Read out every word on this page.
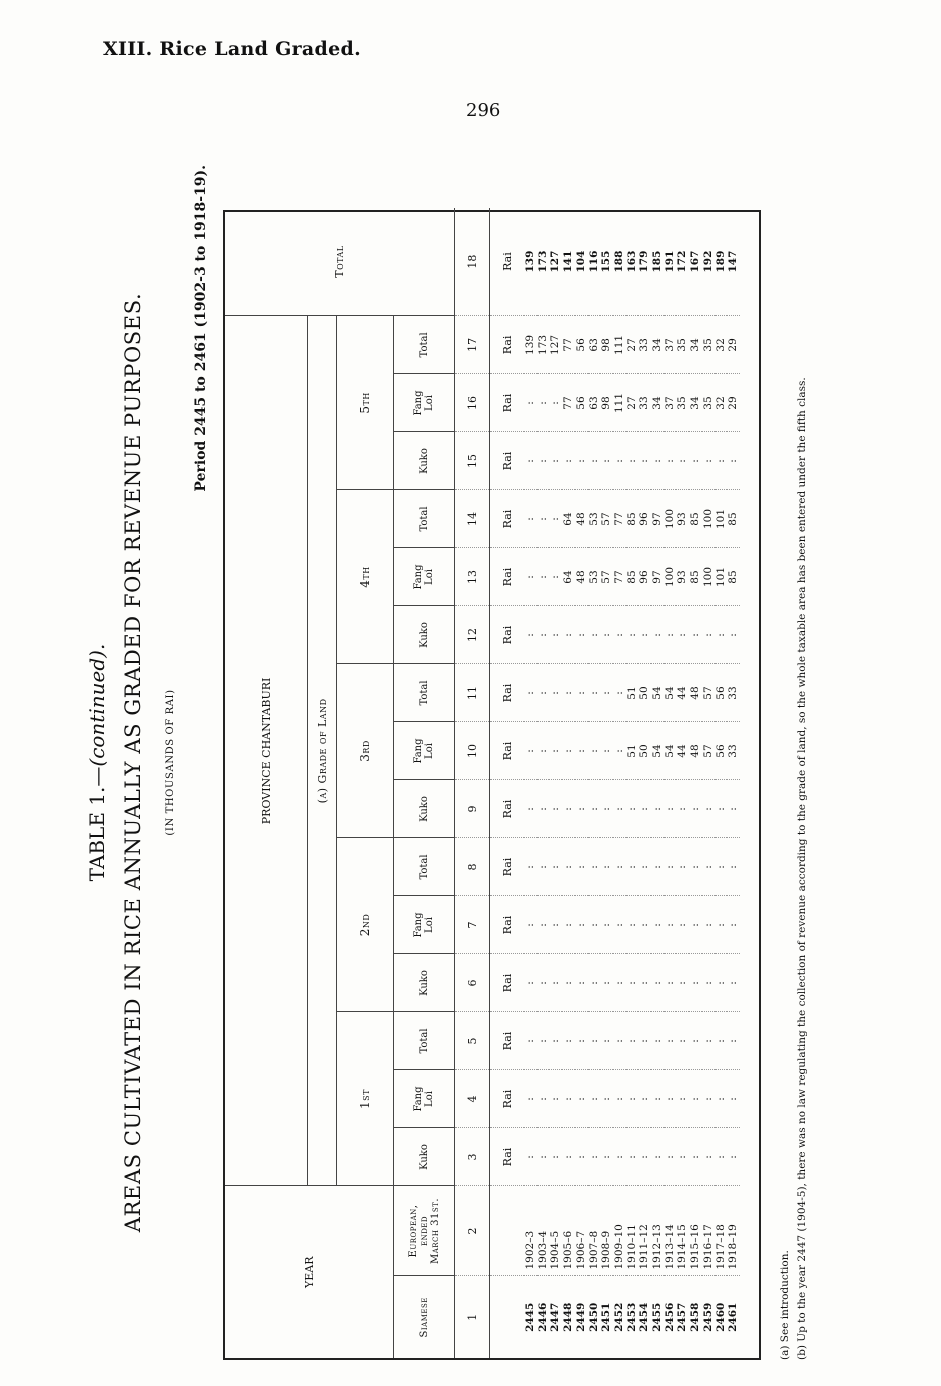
XIII. Rice Land Graded.
296
TABLE 1.—(continued). AREAS CULTIVATED IN RICE ANNUALLY AS GRADED FOR REVENUE PURPOSES. (IN THOUSANDS OF RAI)
Period 2445 to 2461 (1902-3 to 1918-19).
YEAR		PROVINCE CHANTABURI															Total
		(a) Grade of Land															
		1st			2nd			3rd			4th			5th			
Siamese	European,
ended
March 31st.	Kuko	Fang
Loi	Total	Kuko	Fang
Loi	Total	Kuko	Fang
Loi	Total	Kuko	Fang
Loi	Total	Kuko	Fang
Loi	Total	
1	2	3	4	5	6	7	8	9	10	11	12	13	14	15	16	17	18
		Rai	Rai	Rai	Rai	Rai	Rai	Rai	Rai	Rai	Rai	Rai	Rai	Rai	Rai	Rai	Rai
2445	1902–3	:	:	:	:	:	:	:	:	:	:	:	:	:	:	139	139
2446	1903–4	:	:	:	:	:	:	:	:	:	:	:	:	:	:	173	173
2447	1904–5	:	:	:	:	:	:	:	:	:	:	:	:	:	:	127	127
2448	1905–6	:	:	:	:	:	:	:	:	:	:	64	64	:	77	77	141
2449	1906–7	:	:	:	:	:	:	:	:	:	:	48	48	:	56	56	104
2450	1907–8	:	:	:	:	:	:	:	:	:	:	53	53	:	63	63	116
2451	1908–9	:	:	:	:	:	:	:	:	:	:	57	57	:	98	98	155
2452	1909–10	:	:	:	:	:	:	:	:	:	:	77	77	:	111	111	188
2453	1910–11	:	:	:	:	:	:	:	51	51	:	85	85	:	27	27	163
2454	1911–12	:	:	:	:	:	:	:	50	50	:	96	96	:	33	33	179
2455	1912–13	:	:	:	:	:	:	:	54	54	:	97	97	:	34	34	185
2456	1913–14	:	:	:	:	:	:	:	54	54	:	100	100	:	37	37	191
2457	1914–15	:	:	:	:	:	:	:	44	44	:	93	93	:	35	35	172
2458	1915–16	:	:	:	:	:	:	:	48	48	:	85	85	:	34	34	167
2459	1916–17	:	:	:	:	:	:	:	57	57	:	100	100	:	35	35	192
2460	1917–18	:	:	:	:	:	:	:	56	56	:	101	101	:	32	32	189
2461	1918–19	:	:	:	:	:	:	:	33	33	:	85	85	:	29	29	147

(a) See introduction. (b) Up to the year 2447 (1904-5), there was no law regulating the collection of revenue according to the grade of land, so the whole taxable area has been entered under the fifth class.
